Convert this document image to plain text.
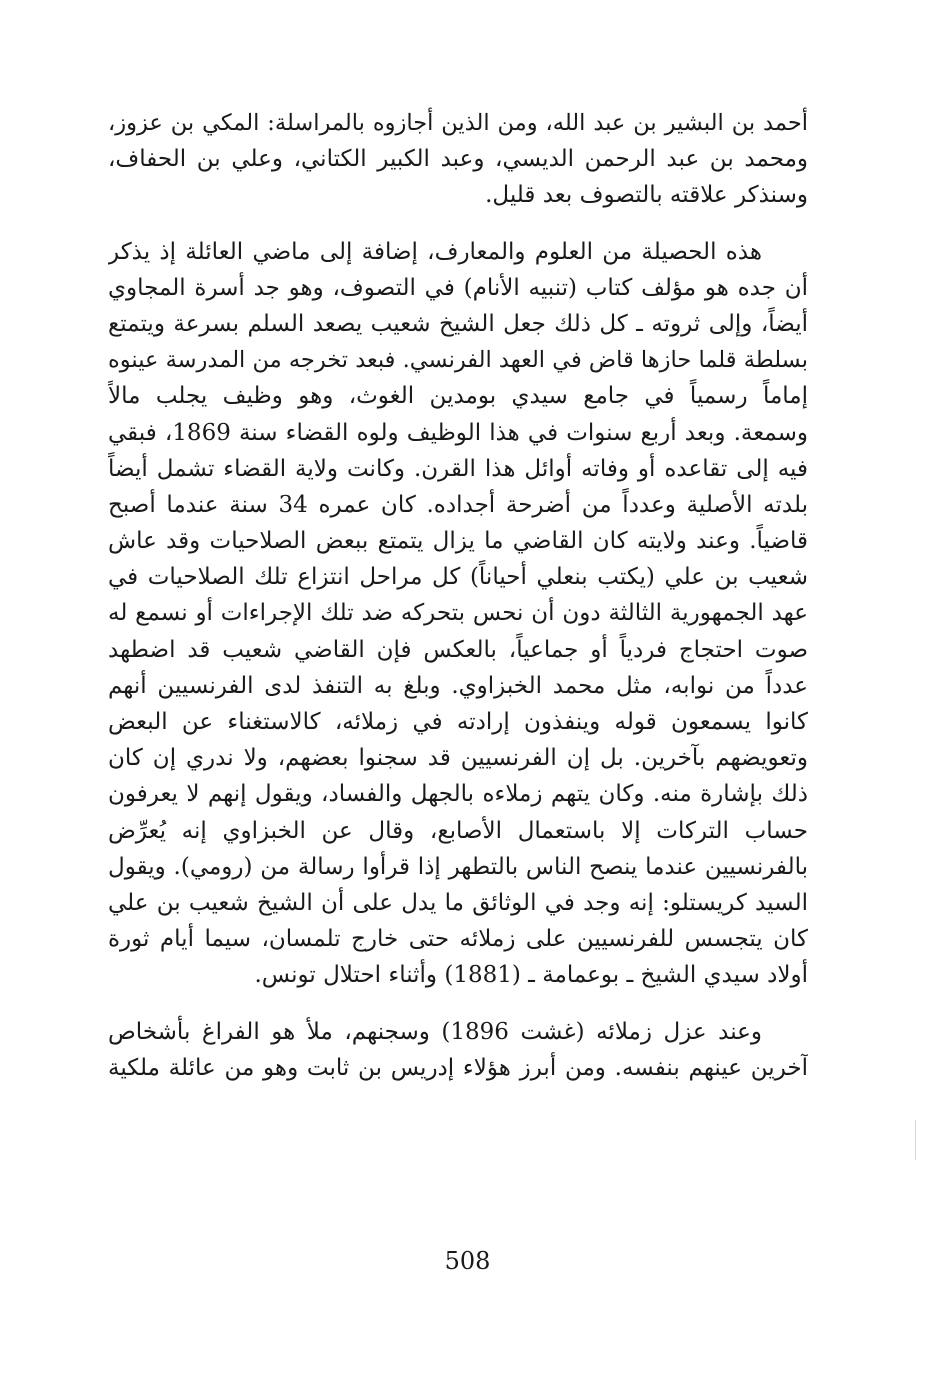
أحمد بن البشير بن عبد الله، ومن الذين أجازوه بالمراسلة: المكي بن عزوز،
ومحمد بن عبد الرحمن الديسي، وعبد الكبير الكتاني، وعلي بن الحفاف،
وسنذكر علاقته بالتصوف بعد قليل.
هذه الحصيلة من العلوم والمعارف، إضافة إلى ماضي العائلة إذ يذكر
أن جده هو مؤلف كتاب (تنبيه الأنام) في التصوف، وهو جد أسرة المجاوي
أيضاً، وإلى ثروته ـ كل ذلك جعل الشيخ شعيب يصعد السلم بسرعة ويتمتع
بسلطة قلما حازها قاض في العهد الفرنسي. فبعد تخرجه من المدرسة عينوه
إماماً رسمياً في جامع سيدي بومدين الغوث، وهو وظيف يجلب مالاً
وسمعة. وبعد أربع سنوات في هذا الوظيف ولوه القضاء سنة 1869، فبقي
فيه إلى تقاعده أو وفاته أوائل هذا القرن. وكانت ولاية القضاء تشمل أيضاً
بلدته الأصلية وعدداً من أضرحة أجداده. كان عمره 34 سنة عندما أصبح
قاضياً. وعند ولايته كان القاضي ما يزال يتمتع ببعض الصلاحيات وقد عاش
شعيب بن علي (يكتب بنعلي أحياناً) كل مراحل انتزاع تلك الصلاحيات في
عهد الجمهورية الثالثة دون أن نحس بتحركه ضد تلك الإجراءات أو نسمع له
صوت احتجاج فردياً أو جماعياً، بالعكس فإن القاضي شعيب قد اضطهد
عدداً من نوابه، مثل محمد الخبزاوي. وبلغ به التنفذ لدى الفرنسيين أنهم
كانوا يسمعون قوله وينفذون إرادته في زملائه، كالاستغناء عن البعض
وتعويضهم بآخرين. بل إن الفرنسيين قد سجنوا بعضهم، ولا ندري إن كان
ذلك بإشارة منه. وكان يتهم زملاءه بالجهل والفساد، ويقول إنهم لا يعرفون
حساب التركات إلا باستعمال الأصابع، وقال عن الخبزاوي إنه يُعرِّض
بالفرنسيين عندما ينصح الناس بالتطهر إذا قرأوا رسالة من (رومي). ويقول
السيد كريستلو: إنه وجد في الوثائق ما يدل على أن الشيخ شعيب بن علي
كان يتجسس للفرنسيين على زملائه حتى خارج تلمسان، سيما أيام ثورة
أولاد سيدي الشيخ ـ بوعمامة ـ (1881) وأثناء احتلال تونس.
وعند عزل زملائه (غشت 1896) وسجنهم، ملأ هو الفراغ بأشخاص
آخرين عينهم بنفسه. ومن أبرز هؤلاء إدريس بن ثابت وهو من عائلة ملكية
508
